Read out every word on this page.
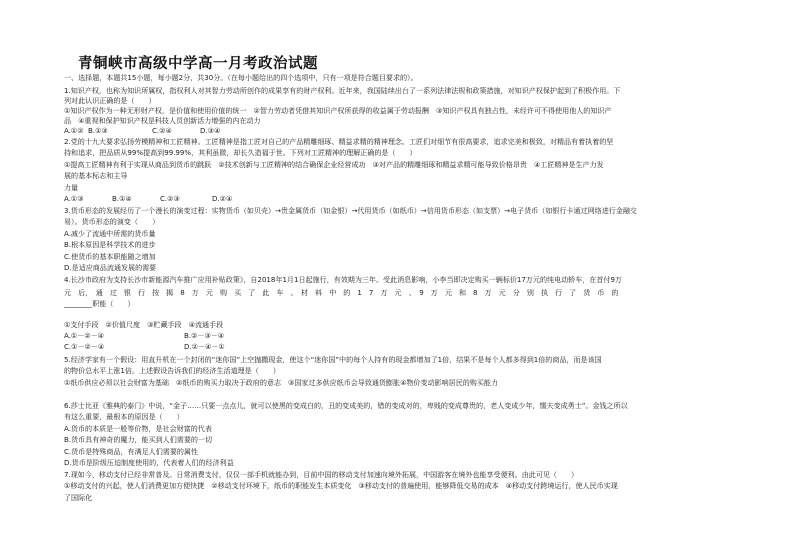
青铜峡市高级中学高一月考政治试题
一、选择题，本题共15小题，每小题2分，共30分。（在每小题给出的四个选项中，只有一项是符合题目要求的）。
1.知识产权，也称为知识所属权，指权利人对其智力劳动所创作的成果享有的财产权利。近年来，我国陆续出台了一系列法律法规和政策措施，对知识产权保护起到了积极作用。下
列对此认识正确的是（　　）
①知识产权作为一种无形财产权，是价值和使用价值的统一　②智力劳动者凭借其知识产权所获得的收益属于劳动报酬　③知识产权具有独占性，未经许可不得使用他人的知识产
品　④重视和保护知识产权是科技人员创新活力增强的内在动力
A.①② B.①③	C.②④	D.③④
2.党的十九大要求弘扬劳模精神和工匠精神。工匠精神是指工匠对自己的产品精雕细琢、精益求精的精神理念。工匠们对细节有很高要求，追求完美和极致，对精品有着执着的坚
持和追求，把品质从99%提高到99.99%，其利虽微，却长久造福于世。下列对工匠精神的理解正确的是（　　）
①提高工匠精神有利于实现从商品到货币的跳跃　②技术创新与工匠精神的结合确保企业经营成功　③对产品的精雕细琢和精益求精可能导致价格昂贵　④工匠精神是生产力发
展的基本标志和主导
力量
A.①③	B.①④	C.②③	D.②④
3.货币形态的发展经历了一个漫长的演变过程：实物货币（如贝壳）→贵金属货币（如金银）→代用货币（如纸币）→信用货币形态（如支票）→电子货币（如银行卡通过网络进行金融交
易）。货币形态的演变（　　）
A.减少了流通中所需的货币量
B.根本原因是科学技术的进步
C.使货币的基本职能随之增加
D.是适应商品流通发展的需要
4.长沙市政府为支持长沙市新能源汽车推广应用补贴政策》，自2018年1月1日起施行，有效期为三年。受此消息影响，小李当即决定购买一辆标价17万元的纯电动轿车，在首付9万
元　后，　通　过　银　行　按　揭　8　万　元　购　买　了　此　车　。　材　料　中　的　1　7　万　元　、　9　万　元　和　8　万　元　分　别　执　行　了　货　币　的
________职能（　　）
①支付手段　②价值尺度　③贮藏手段　④流通手段
A.①－②－④	B.②－③－④
C.①－②－④	D.②－④－①
5.经济学家有一个假设：用直升机在一个封闭的“迷你国”上空抛撒现金，使这个“迷你国”中的每个人持有的现金都增加了1倍，结果不是每个人都多得到1倍的商品，而是该国
的物价总水平上涨1倍。上述假设告诉我们的经济生活道理是（　　）
①纸币供应必须以社会财富为基础　②纸币的购买力取决于政府的意志　③国家过多供应纸币会导致通货膨胀④物价变动影响居民的购买能力
6.莎士比亚《雅典的泰门》中说，“金子……只要一点点儿，就可以使黑的变成白的，丑的变成美的，错的变成对的，卑贱的变成尊贵的，老人变成少年，懦夫变成勇士”。金钱之所以
有这么重要，最根本的原因是（　　）
A.货币的本质是一般等价物，是社会财富的代表
B.货币具有神奇的魔力，能买到人们需要的一切
C.货币是特殊商品，有满足人们需要的属性
D.货币是阶级压迫制度使用的，代表着人们的经济利益
7.现如今，移动支付已经非常普及。日常消费支付，仅仅一部手机就能办到，目前中国的移动支付加速向境外拓展，中国游客在境外也能享受便利。由此可见（　　）
①移动支付的兴起，使人们消费更加方便快捷　②移动支付环境下，纸币的职能发生本质变化　③移动支付的普遍使用，能够降低交易的成本　④移动支付跨境运行，使人民币实现
了国际化
